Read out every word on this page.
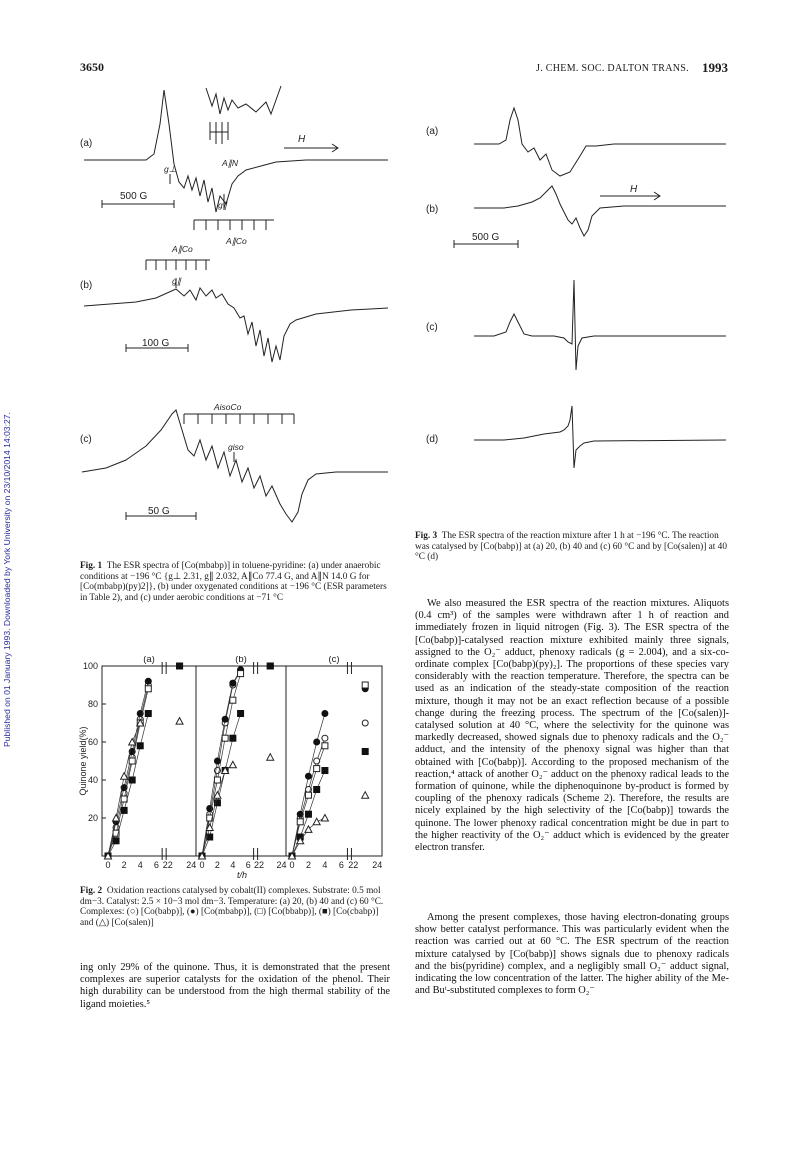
Published on 01 January 1993. Downloaded by York University on 23/10/2014 14:03:27.
3650	J. CHEM. SOC. DALTON TRANS. 1993
(a)	H
500 G
g⊥
g∥
A∥N
A∥Co
A∥Co
g∥
(b)
100 G
AisoCo
(c)
giso
50 G
Fig. 1 The ESR spectra of [Co(mbabp)] in toluene-pyridine: (a) under anaerobic conditions at −196 °C {g⊥ 2.31, g∥ 2.032, A∥Co 77.4 G, and A∥N 14.0 G for [Co(mbabp)(py)2]}, (b) under oxygenated conditions at −196 °C (ESR parameters in Table 2), and (c) under aerobic conditions at −71 °C
20
40
60
80
100
Quinone yield(%)
(a)
0 2 4 6 22 24
(b)
0 2 4 6 22 24
(c)
0 2 4 6 22 24
t/h
Fig. 2 Oxidation reactions catalysed by cobalt(II) complexes. Substrate: 0.5 mol dm−3. Catalyst: 2.5 × 10−3 mol dm−3. Temperature: (a) 20, (b) 40 and (c) 60 °C. Complexes: (○) [Co(babp)], (●) [Co(mbabp)], (□) [Co(bbabp)], (■) [Co(cbabp)] and (△) [Co(salen)]
ing only 29% of the quinone. Thus, it is demonstrated that the present complexes are superior catalysts for the oxidation of the phenol. Their high durability can be understood from the high thermal stability of the ligand moieties.⁵
(a)
(b)
H
500 G
(c)
(d)
Fig. 3 The ESR spectra of the reaction mixture after 1 h at −196 °C. The reaction was catalysed by [Co(babp)] at (a) 20, (b) 40 and (c) 60 °C and by [Co(salen)] at 40 °C (d)
We also measured the ESR spectra of the reaction mixtures. Aliquots (0.4 cm³) of the samples were withdrawn after 1 h of reaction and immediately frozen in liquid nitrogen (Fig. 3). The ESR spectra of the [Co(babp)]-catalysed reaction mixture exhibited mainly three signals, assigned to the O₂⁻ adduct, phenoxy radicals (g = 2.004), and a six-co-ordinate complex [Co(babp)(py)₂]. The proportions of these species vary considerably with the reaction temperature. Therefore, the spectra can be used as an indication of the steady-state composition of the reaction mixture, though it may not be an exact reflection because of a possible change during the freezing process. The spectrum of the [Co(salen)]-catalysed solution at 40 °C, where the selectivity for the quinone was markedly decreased, showed signals due to phenoxy radicals and the O₂⁻ adduct, and the intensity of the phenoxy signal was higher than that obtained with [Co(babp)]. According to the proposed mechanism of the reaction,⁴ attack of another O₂⁻ adduct on the phenoxy radical leads to the formation of quinone, while the diphenoquinone by-product is formed by coupling of the phenoxy radicals (Scheme 2). Therefore, the results are nicely explained by the high selectivity of the [Co(babp)] towards the quinone. The lower phenoxy radical concentration might be due in part to the higher reactivity of the O₂⁻ adduct which is evidenced by the greater electron transfer.
Among the present complexes, those having electron-donating groups show better catalyst performance. This was particularly evident when the reaction was carried out at 60 °C. The ESR spectrum of the reaction mixture catalysed by [Co(babp)] shows signals due to phenoxy radicals and the bis(pyridine) complex, and a negligibly small O₂⁻ adduct signal, indicating the low concentration of the latter. The higher ability of the Me- and Buᵗ-substituted complexes to form O₂⁻
